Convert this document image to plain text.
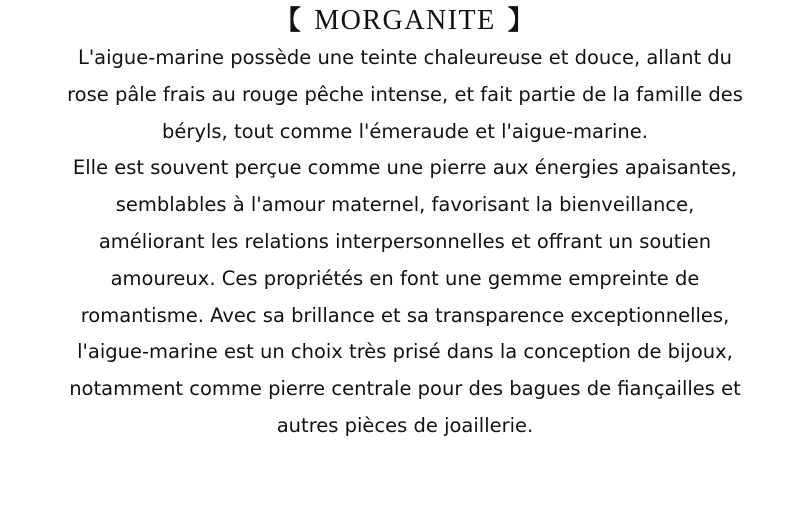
【 MORGANITE 】

L'aigue-marine possède une teinte chaleureuse et douce, allant du
rose pâle frais au rouge pêche intense, et fait partie de la famille des
béryls, tout comme l'émeraude et l'aigue-marine.
Elle est souvent perçue comme une pierre aux énergies apaisantes,
semblables à l'amour maternel, favorisant la bienveillance,
améliorant les relations interpersonnelles et offrant un soutien
amoureux. Ces propriétés en font une gemme empreinte de
romantisme. Avec sa brillance et sa transparence exceptionnelles,
l'aigue-marine est un choix très prisé dans la conception de bijoux,
notamment comme pierre centrale pour des bagues de fiançailles et
autres pièces de joaillerie.
